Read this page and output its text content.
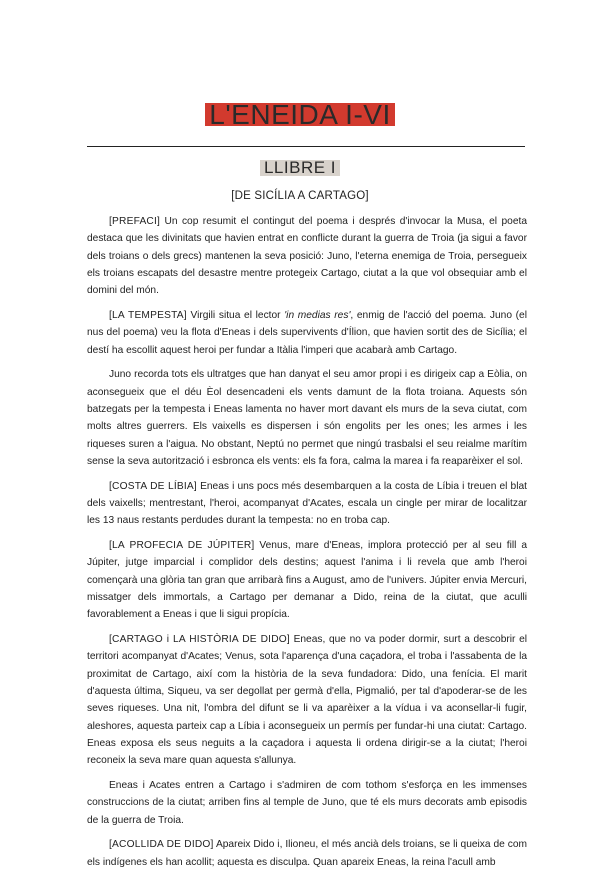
L'ENEIDA I-VI
LLIBRE I
[DE SICÍLIA A CARTAGO]

[PREFACI] Un cop resumit el contingut del poema i després d'invocar la Musa, el poeta destaca que les divinitats que havien entrat en conflicte durant la guerra de Troia (ja sigui a favor dels troians o dels grecs) mantenen la seva posició: Juno, l'eterna enemiga de Troia, persegueix els troians escapats del desastre mentre protegeix Cartago, ciutat a la que vol obsequiar amb el domini del món.

[LA TEMPESTA] Virgili situa el lector 'in medias res', enmig de l'acció del poema. Juno (el nus del poema) veu la flota d'Eneas i dels supervivents d'Ílion, que havien sortit des de Sicília; el destí ha escollit aquest heroi per fundar a Itàlia l'imperi que acabarà amb Cartago.

Juno recorda tots els ultratges que han danyat el seu amor propi i es dirigeix cap a Eòlia, on aconsegueix que el déu Èol desencadeni els vents damunt de la flota troiana. Aquests són batzegats per la tempesta i Eneas lamenta no haver mort davant els murs de la seva ciutat, com molts altres guerrers. Els vaixells es dispersen i són engolits per les ones; les armes i les riqueses suren a l'aigua. No obstant, Neptú no permet que ningú trasbalsi el seu reialme marítim sense la seva autorització i esbronca els vents: els fa fora, calma la marea i fa reaparèixer el sol.

[COSTA DE LÍBIA] Eneas i uns pocs més desembarquen a la costa de Líbia i treuen el blat dels vaixells; mentrestant, l'heroi, acompanyat d'Acates, escala un cingle per mirar de localitzar les 13 naus restants perdudes durant la tempesta: no en troba cap.

[LA PROFECIA DE JÚPITER] Venus, mare d'Eneas, implora protecció per al seu fill a Júpiter, jutge imparcial i complidor dels destins; aquest l'anima i li revela que amb l'heroi començarà una glòria tan gran que arribarà fins a August, amo de l'univers. Júpiter envia Mercuri, missatger dels immortals, a Cartago per demanar a Dido, reina de la ciutat, que aculli favorablement a Eneas i que li sigui propícia.

[CARTAGO i LA HISTÒRIA DE DIDO] Eneas, que no va poder dormir, surt a descobrir el territori acompanyat d'Acates; Venus, sota l'aparença d'una caçadora, el troba i l'assabenta de la proximitat de Cartago, així com la història de la seva fundadora: Dido, una fenícia. El marit d'aquesta última, Siqueu, va ser degollat per germà d'ella, Pigmalió, per tal d'apoderar-se de les seves riqueses. Una nit, l'ombra del difunt se li va aparèixer a la vídua i va aconsellar-li fugir, aleshores, aquesta parteix cap a Líbia i aconsegueix un permís per fundar-hi una ciutat: Cartago. Eneas exposa els seus neguits a la caçadora i aquesta li ordena dirigir-se a la ciutat; l'heroi reconeix la seva mare quan aquesta s'allunya.

Eneas i Acates entren a Cartago i s'admiren de com tothom s'esforça en les immenses construccions de la ciutat; arriben fins al temple de Juno, que té els murs decorats amb episodis de la guerra de Troia.

[ACOLLIDA DE DIDO] Apareix Dido i, Ilioneu, el més ancià dels troians, se li queixa de com els indígenes els han acollit; aquesta es disculpa. Quan apareix Eneas, la reina l'acull amb
